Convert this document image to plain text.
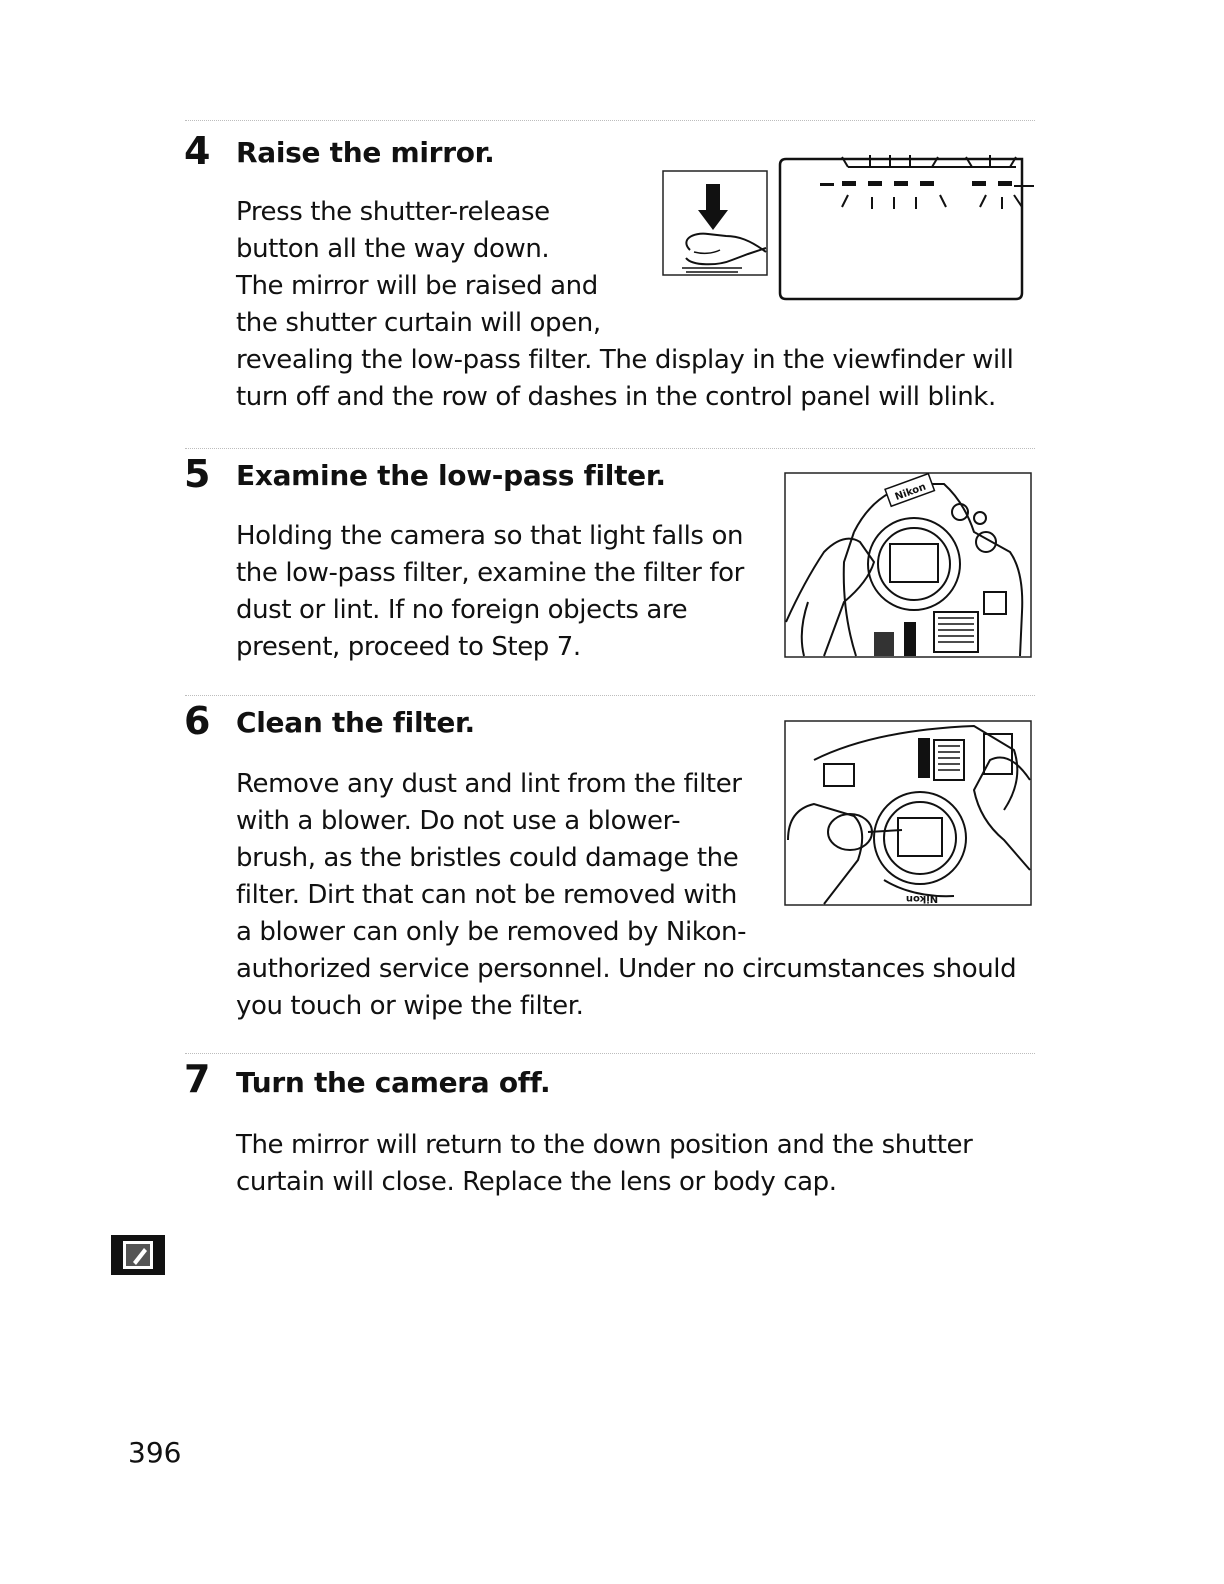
4 Raise the mirror.
Press the shutter-release
button all the way down.
The mirror will be raised and
the shutter curtain will open,
revealing the low-pass filter. The display in the viewfinder will
turn off and the row of dashes in the control panel will blink.
5 Examine the low-pass filter.
Holding the camera so that light falls on
the low-pass filter, examine the filter for
dust or lint. If no foreign objects are
present, proceed to Step 7.
Nikon
6 Clean the filter.
Remove any dust and lint from the filter
with a blower. Do not use a blower-
brush, as the bristles could damage the
filter. Dirt that can not be removed with
a blower can only be removed by Nikon-
authorized service personnel. Under no circumstances should
you touch or wipe the filter.
Nikon
7 Turn the camera off.
The mirror will return to the down position and the shutter
curtain will close. Replace the lens or body cap.
396
